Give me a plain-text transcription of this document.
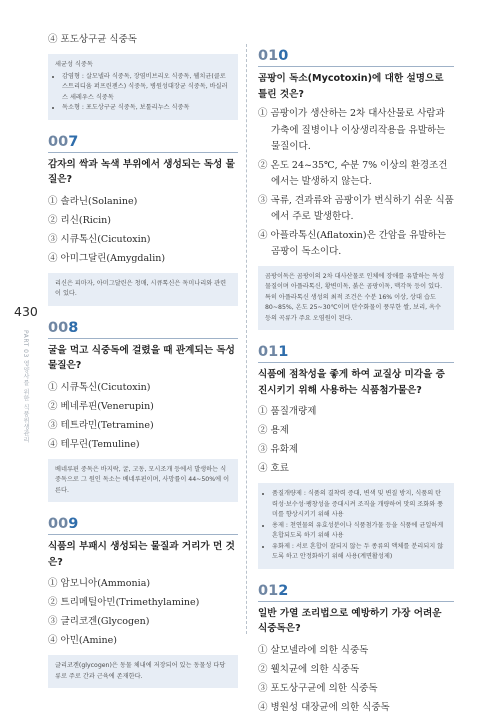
430
PART 03 영양사를 위한 식품위생관리

④ 포도상구균 식중독

세균성 식중독
• 감염형 : 살모넬라 식중독, 장염비브리오 식중독, 웰치균(클로스트리디움 퍼프린젠스) 식중독, 병원성대장균 식중독, 바실러스 세레우스 식중독
• 독소형 : 포도상구균 식중독, 보툴리누스 식중독
007
감자의 싹과 녹색 부위에서 생성되는 독성 물질은?

① 솔라닌(Solanine)

② 리신(Ricin)

③ 시큐톡신(Cicutoxin)

④ 아미그달린(Amygdalin)

리신은 피마자, 아미그달린은 청매, 시큐톡신은 독미나리와 관련이 있다.
008
굴을 먹고 식중독에 걸렸을 때 관계되는 독성물질은?

① 시큐톡신(Cicutoxin)

② 베네루핀(Venerupin)

③ 테트라민(Tetramine)

④ 테무린(Temuline)

베네루핀 중독은 바지락, 굴, 고동, 모시조개 등에서 발생하는 식중독으로 그 원인 독소는 베네루핀이며, 사망률이 44~50%에 이른다.
009
식품의 부패시 생성되는 물질과 거리가 먼 것은?

① 암모니아(Ammonia)

② 트리메틸아민(Trimethylamine)

③ 글리코겐(Glycogen)

④ 아민(Amine)

글리코겐(glycogen)은 동물 체내에 저장되어 있는 동물성 다당류로 주로 간과 근육에 존재한다.
010
곰팡이 독소(Mycotoxin)에 대한 설명으로 틀린 것은?

① 곰팡이가 생산하는 2차 대사산물로 사람과 가축에 질병이나 이상생리작용을 유발하는 물질이다.

② 온도 24~35℃, 수분 7% 이상의 환경조건에서는 발생하지 않는다.

③ 곡류, 견과류와 곰팡이가 번식하기 쉬운 식품에서 주로 발생한다.

④ 아플라톡신(Aflatoxin)은 간암을 유발하는 곰팡이 독소이다.

곰팡이독은 곰팡이의 2차 대사산물로 인체에 장애를 유발하는 독성물질이며 아플라톡신, 황변미독, 붉은 곰팡이독, 맥각독 등이 있다. 특히 아플라톡신 생성의 최적 조건은 수분 16% 이상, 상대 습도 80~85%, 온도 25~30℃이며 탄수화물이 풍부한 쌀, 보리, 옥수 등의 곡류가 주요 오염원이 된다.
011
식품에 점착성을 좋게 하여 교질상 미각을 증진시키기 위해 사용하는 식품첨가물은?

① 품질개량제

② 용제

③ 유화제

④ 호료

• 품질개량제 : 식품의 결착력 증대, 변색 및 변질 방지, 식품의 탄력성·보수성·팽창성을 증대시켜 조직을 개량하여 맛의 조화와 풍미를 향상시키기 위해 사용
• 용제 : 천연물의 유효성분이나 식품첨가물 등을 식품에 균일하게 혼합되도록 하기 위해 사용
• 유화제 : 서로 혼합이 잘되지 않는 두 종류의 액체를 분리되지 않도록 하고 안정화하기 위해 사용(계면활성제)
012
일반 가열 조리법으로 예방하기 가장 어려운 식중독은?

① 살모넬라에 의한 식중독

② 웰치균에 의한 식중독

③ 포도상구균에 의한 식중독

④ 병원성 대장균에 의한 식중독
